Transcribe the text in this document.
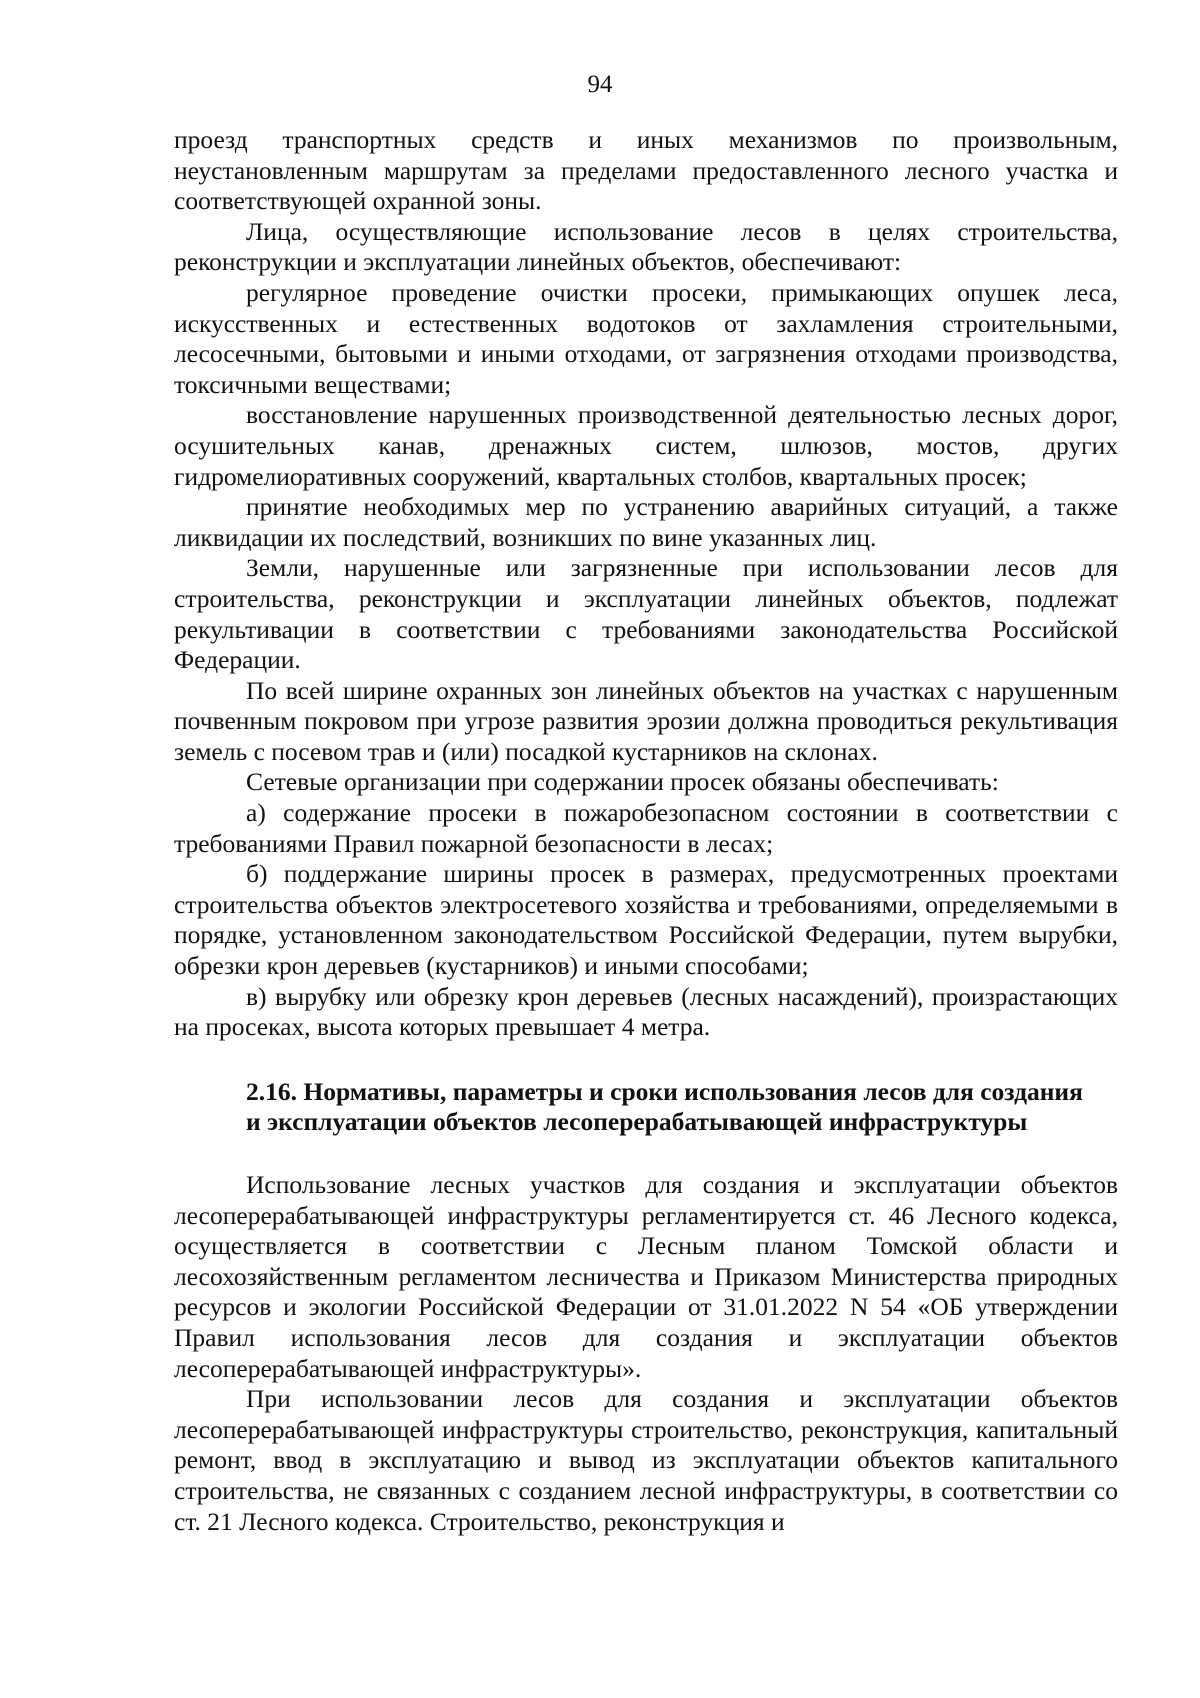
94

проезд транспортных средств и иных механизмов по произвольным, неустановленным маршрутам за пределами предоставленного лесного участка и соответствующей охранной зоны.

Лица, осуществляющие использование лесов в целях строительства, реконструкции и эксплуатации линейных объектов, обеспечивают:

регулярное проведение очистки просеки, примыкающих опушек леса, искусственных и естественных водотоков от захламления строительными, лесосечными, бытовыми и иными отходами, от загрязнения отходами производства, токсичными веществами;

восстановление нарушенных производственной деятельностью лесных дорог, осушительных канав, дренажных систем, шлюзов, мостов, других гидромелиоративных сооружений, квартальных столбов, квартальных просек;

принятие необходимых мер по устранению аварийных ситуаций, а также ликвидации их последствий, возникших по вине указанных лиц.

Земли, нарушенные или загрязненные при использовании лесов для строительства, реконструкции и эксплуатации линейных объектов, подлежат рекультивации в соответствии с требованиями законодательства Российской Федерации.

По всей ширине охранных зон линейных объектов на участках с нарушенным почвенным покровом при угрозе развития эрозии должна проводиться рекультивация земель с посевом трав и (или) посадкой кустарников на склонах.

Сетевые организации при содержании просек обязаны обеспечивать:

а) содержание просеки в пожаробезопасном состоянии в соответствии с требованиями Правил пожарной безопасности в лесах;

б) поддержание ширины просек в размерах, предусмотренных проектами строительства объектов электросетевого хозяйства и требованиями, определяемыми в порядке, установленном законодательством Российской Федерации, путем вырубки, обрезки крон деревьев (кустарников) и иными способами;

в) вырубку или обрезку крон деревьев (лесных насаждений), произрастающих на просеках, высота которых превышает 4 метра.

2.16. Нормативы, параметры и сроки использования лесов для создания
и эксплуатации объектов лесоперерабатывающей инфраструктуры

Использование лесных участков для создания и эксплуатации объектов лесоперерабатывающей инфраструктуры регламентируется ст. 46 Лесного кодекса, осуществляется в соответствии с Лесным планом Томской области и лесохозяйственным регламентом лесничества и Приказом Министерства природных ресурсов и экологии Российской Федерации от 31.01.2022 N 54 «ОБ утверждении Правил использования лесов для создания и эксплуатации объектов лесоперерабатывающей инфраструктуры».

При использовании лесов для создания и эксплуатации объектов лесоперерабатывающей инфраструктуры строительство, реконструкция, капитальный ремонт, ввод в эксплуатацию и вывод из эксплуатации объектов капитального строительства, не связанных с созданием лесной инфраструктуры, в соответствии со ст. 21 Лесного кодекса. Строительство, реконструкция и
